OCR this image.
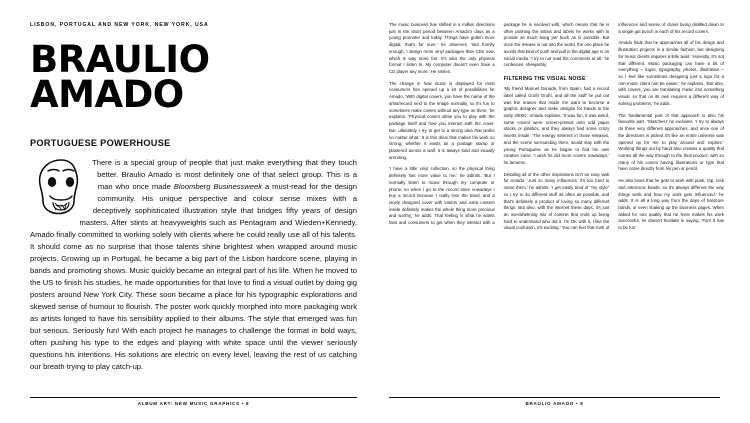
LISBON, PORTUGAL AND NEW YORK, NEW YORK, USA
BRAULIO AMADO
PORTUGUESE POWERHOUSE
There is a special group of people that just make everything that they touch better. Braulio Amado is most definitely one of that select group. This is a man who once made Bloomberg Businessweek a must-read for the design community. His unique perspective and colour sense mixes with a deceptively sophisticated illustration style that bridges fifty years of design masters. After stints at heavyweights such as Pentagram and Wieden+Kennedy, Amado finally committed to working solely with clients where he could really use all of his talents. It should come as no surprise that those talents shine brightest when wrapped around music projects. Growing up in Portugal, he became a big part of the Lisbon hardcore scene, playing in bands and promoting shows. Music quickly became an integral part of his life. When he moved to the US to finish his studies, he made opportunities for that love to find a visual outlet by doing gig posters around New York City. These soon became a place for his typographic explorations and skewed sense of humour to flourish. The poster work quickly morphed into more packaging work as artists longed to have his sensibility applied to their albums. The style that emerged was fun but serious. Seriously fun! With each project he manages to challenge the format in bold ways, often pushing his type to the edges and playing with white space until the viewer seriously questions his intentions. His solutions are electric on every level, leaving the rest of us catching our breath trying to play catch-up.

The music business has shifted in a million directions just in the short period between Amado's days as a young promoter and today. Things have gotten more digital, that's for sure,' he observes. 'But funnily enough, I design more vinyl packages than CDs now, which is way more fun. It's also the only physical format I listen to. My computer doesn't even have a CD player any more.' He smiles.

The change in how music is displayed for most consumers has opened up a lot of possibilities for Amado. 'With digital covers, you have the name of the artist/record next to the image normally, so it's fun to sometimes make covers without any type on them,' he explains. 'Physical covers allow you to play with the package itself and how you interact with the cover. But, ultimately, I try to get to a strong idea that works no matter what.' It is this drive that makes his work so strong, whether it exists as a postage stamp or plastered across a wall, it is always bold and visually arresting.

'I have a little vinyl collection, so the physical thing definitely has more value to me,' he admits. 'But I normally listen to music through my computer or phone, so when I go to the record store nowadays I buy a record because I really love the band, and a nicely designed cover with inserts and extra content inside definitely makes the whole thing more precious and worthy,' he adds. That feeling is what he wants fans and consumers to get when they interact with a package he is involved with, which means that he is often pushing the artists and labels he works with to provide as much bang per buck as is possible. But once the release is out into the world, the one place he avoids that kind of push and pull in the digital age is on social media. 'I try to not read the comments at all,' he confesses, sheepishly.

FILTERING THE VISUAL NOISE

'My friend Manuel Donada, from Spain, had a record label called Grofri Grofri, and all the stuff he put out was the reason that made me want to become a graphic designer and make designs for bands in the early 2000s,' Amado explains. 'It was fun, it was weird, some covers were screen-printed onto odd paper stocks or plastics, and they always had some crazy inserts inside.' The energy inherent in those releases, and the scene surrounding them, would stay with the young Portuguese as he began to find his own creative voice. 'I wish he did more covers nowadays,' he laments.

Detailing all of the other inspirations isn't an easy task for Amado. 'Just so many influences, it's too hard to name them,' he admits. 'I get easily tired of "my style" so I try to do different stuff as often as possible, and that's definitely a product of loving so many different things. But also, with the internet these days, it's just an overwhelming mix of content that ends up being hard to understand who did it. I'm OK with it, I like the visual confusion, it's exciting.' You can feel that rush of influences and sense of chaos being distilled down to a single gut punch in each of his record covers.

Amado finds that he approaches all of his design and illustration projects in a similar fashion, but designing for music clients requires a little twist. 'Honestly, it's not that different. Music packaging can have a bit of everything – logos, typography, photos, illustration – so I feel like sometimes designing just a logo for a non-music client can be easier,' he explains. 'But also, with covers, you are translating music into something visual, so that on its own requires a different way of solving problems,' he adds.

The fundamental part of that approach is also his favourite part. 'Sketches!' he exclaims. 'I try to always do three very different approaches, and once one of the directions is picked it's like an entire universe was opened up for me to play around and explore.' Working things out by hand also creates a quality that curries all the way through to the final product, with so many of his covers having illustrations or type that have come directly from his pen or pencil.

He also loves that he gets to work with punk, rap, rock and electronic bands, so it's always different the way things work and how my work gets influenced,' he adds. It is all a long way from the days of hardcore bands, or even shaking up the business pages. When asked for one quality that he feels makes his work successful, he doesn't hesitate in saying, 'Fun! It has to be fun.'

ALBUM ART: NEW MUSIC GRAPHICS • 8	BRAULIO AMADO • 9
